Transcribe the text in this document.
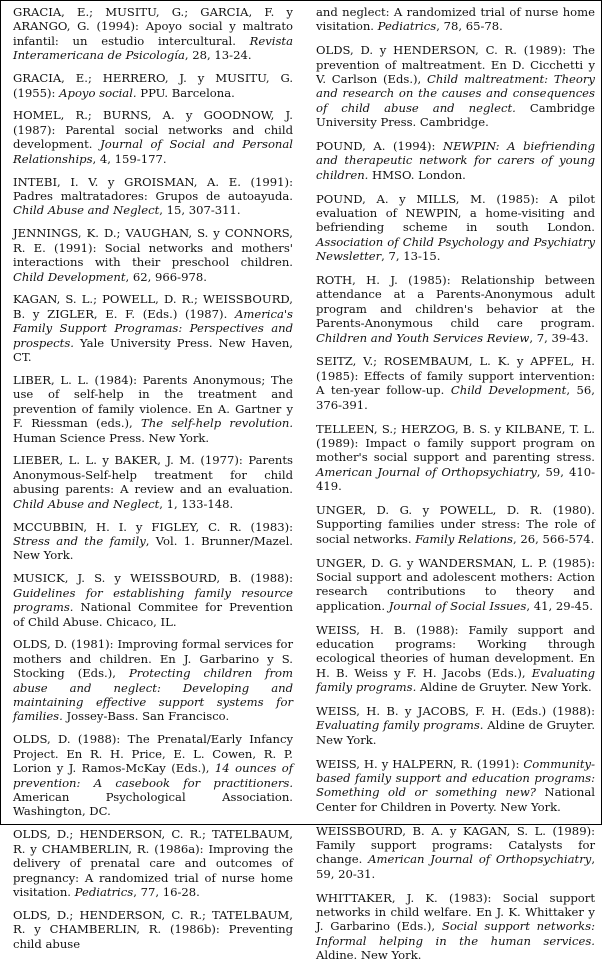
GRACIA, E.; MUSITU, G.; GARCIA, F. y ARANGO, G. (1994): Apoyo social y maltrato infantil: un estudio intercultural. Revista Interamericana de Psicología, 28, 13-24.

GRACIA, E.; HERRERO, J. y MUSITU, G. (1955): Apoyo social. PPU. Barcelona.

HOMEL, R.; BURNS, A. y GOODNOW, J. (1987): Parental social networks and child development. Journal of Social and Personal Relationships, 4, 159-177.

INTEBI, I. V. y GROISMAN, A. E. (1991): Padres maltratadores: Grupos de autoayuda. Child Abuse and Neglect, 15, 307-311.

JENNINGS, K. D.; VAUGHAN, S. y CONNORS, R. E. (1991): Social networks and mothers' interactions with their preschool children. Child Development, 62, 966-978.

KAGAN, S. L.; POWELL, D. R.; WEISSBOURD, B. y ZIGLER, E. F. (Eds.) (1987). America's Family Support Programas: Perspectives and prospects. Yale University Press. New Haven, CT.

LIBER, L. L. (1984): Parents Anonymous; The use of self-help in the treatment and prevention of family violence. En A. Gartner y F. Riessman (eds.), The self-help revolution. Human Science Press. New York.

LIEBER, L. L. y BAKER, J. M. (1977): Parents Anonymous-Self-help treatment for child abusing parents: A review and an evaluation. Child Abuse and Neglect, 1, 133-148.

MCCUBBIN, H. I. y FIGLEY, C. R. (1983): Stress and the family, Vol. 1. Brunner/Mazel. New York.

MUSICK, J. S. y WEISSBOURD, B. (1988): Guidelines for establishing family resource programs. National Commitee for Prevention of Child Abuse. Chicaco, IL.

OLDS, D. (1981): Improving formal services for mothers and children. En J. Garbarino y S. Stocking (Eds.), Protecting children from abuse and neglect: Developing and maintaining effective support systems for families. Jossey-Bass. San Francisco.

OLDS, D. (1988): The Prenatal/Early Infancy Project. En R. H. Price, E. L. Cowen, R. P. Lorion y J. Ramos-McKay (Eds.), 14 ounces of prevention: A casebook for practitioners. American Psychological Association. Washington, DC.

OLDS, D.; HENDERSON, C. R.; TATELBAUM, R. y CHAMBERLIN, R. (1986a): Improving the delivery of prenatal care and outcomes of pregnancy: A randomized trial of nurse home visitation. Pediatrics, 77, 16-28.

OLDS, D.; HENDERSON, C. R.; TATELBAUM, R. y CHAMBERLIN, R. (1986b): Preventing child abuse

and neglect: A randomized trial of nurse home visitation. Pediatrics, 78, 65-78.

OLDS, D. y HENDERSON, C. R. (1989): The prevention of maltreatment. En D. Cicchetti y V. Carlson (Eds.), Child maltreatment: Theory and research on the causes and consequences of child abuse and neglect. Cambridge University Press. Cambridge.

POUND, A. (1994): NEWPIN: A biefriending and therapeutic network for carers of young children. HMSO. London.

POUND, A. y MILLS, M. (1985): A pilot evaluation of NEWPIN, a home-visiting and befriending scheme in south London. Association of Child Psychology and Psychiatry Newsletter, 7, 13-15.

ROTH, H. J. (1985): Relationship between attendance at a Parents-Anonymous adult program and children's behavior at the Parents-Anonymous child care program. Children and Youth Services Review, 7, 39-43.

SEITZ, V.; ROSEMBAUM, L. K. y APFEL, H. (1985): Effects of family support intervention: A ten-year follow-up. Child Development, 56, 376-391.

TELLEEN, S.; HERZOG, B. S. y KILBANE, T. L. (1989): Impact o family support program on mother's social support and parenting stress. American Journal of Orthopsychiatry, 59, 410-419.

UNGER, D. G. y POWELL, D. R. (1980). Supporting families under stress: The role of social networks. Family Relations, 26, 566-574.

UNGER, D. G. y WANDERSMAN, L. P. (1985): Social support and adolescent mothers: Action research contributions to theory and application. Journal of Social Issues, 41, 29-45.

WEISS, H. B. (1988): Family support and education programs: Working through ecological theories of human development. En H. B. Weiss y F. H. Jacobs (Eds.), Evaluating family programs. Aldine de Gruyter. New York.

WEISS, H. B. y JACOBS, F. H. (Eds.) (1988): Evaluating family programs. Aldine de Gruyter. New York.

WEISS, H. y HALPERN, R. (1991): Community-based family support and education programs: Something old or something new? National Center for Children in Poverty. New York.

WEISSBOURD, B. A. y KAGAN, S. L. (1989): Family support programs: Catalysts for change. American Journal of Orthopsychiatry, 59, 20-31.

WHITTAKER, J. K. (1983): Social support networks in child welfare. En J. K. Whittaker y J. Garbarino (Eds.), Social support networks: Informal helping in the human services. Aldine. New York.
